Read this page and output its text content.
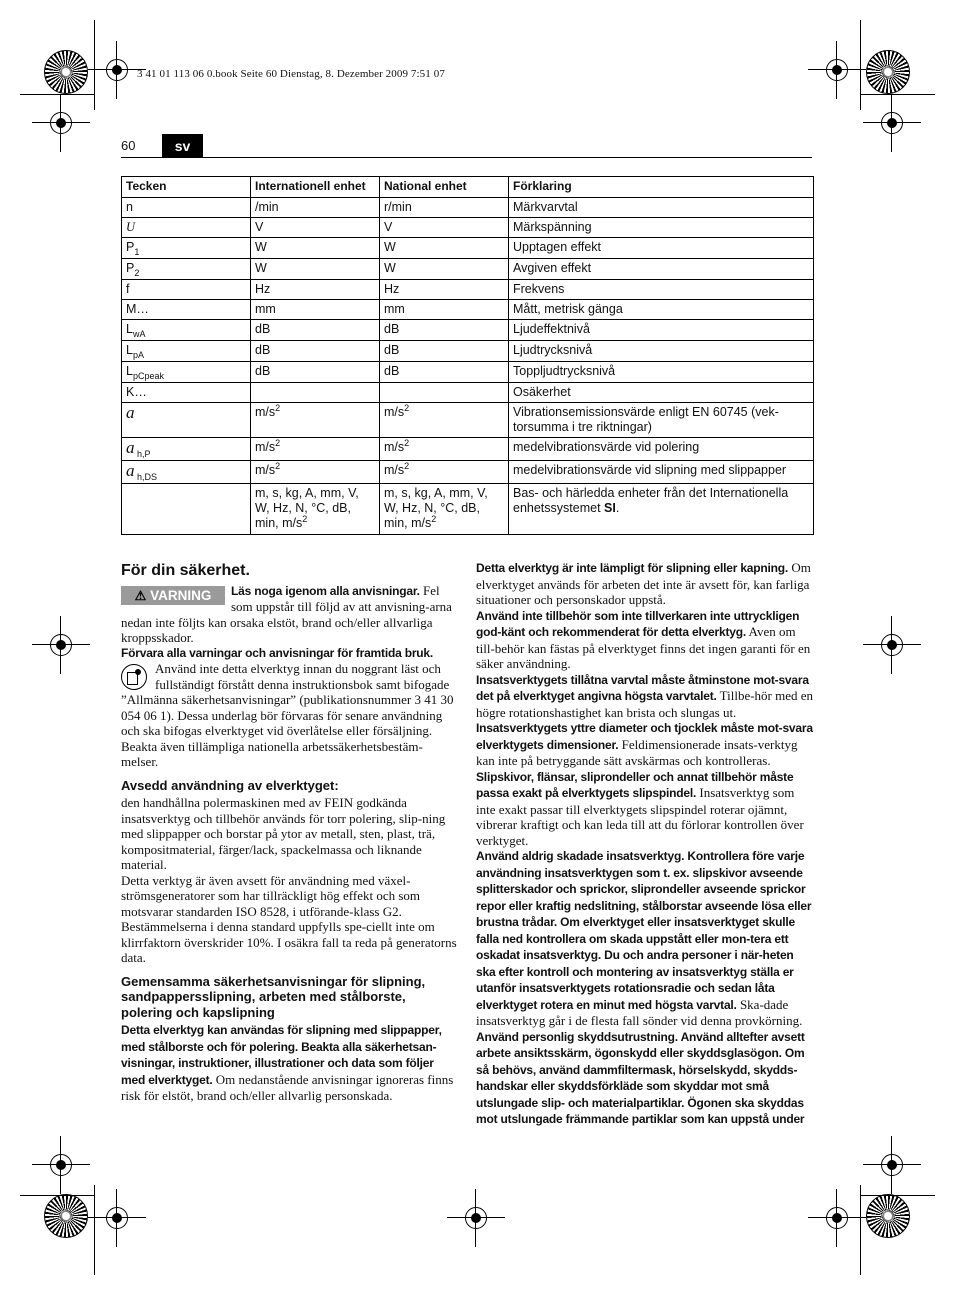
3 41 01 113 06 0.book Seite 60 Dienstag, 8. Dezember 2009 7:51 07
60	sv
Tecken	Internationell enhet	National enhet	Förklaring
n	/min	r/min	Märkvarvtal
U	V	V	Märkspänning
$P_1$	W	W	Upptagen effekt
$P_2$	W	W	Avgiven effekt
f	Hz	Hz	Frekvens
M…	mm	mm	Mått, metrisk gänga
$L_{wA}$	dB	dB	Ljudeffektnivå
$L_{pA}$	dB	dB	Ljudtrycksnivå
$L_{pCpeak}$	dB	dB	Toppljudtrycksnivå
K…			Osäkerhet
a	$m/s^2$	$m/s^2$	Vibrationsemissionsvärde enligt EN 60745 (vek-torsumma i tre riktningar)
a $_{h,P}$	$m/s^2$	$m/s^2$	medelvibrationsvärde vid polering
a $_{h,DS}$	$m/s^2$	$m/s^2$	medelvibrationsvärde vid slipning med slippapper
	m, s, kg, A, mm, V, W, Hz, N, °C, dB, min, $m/s^2$	m, s, kg, A, mm, V, W, Hz, N, °C, dB, min, $m/s^2$	Bas- och härledda enheter från det Internationella enhetssystemet SI.
För din säkerhet.
⚠ VARNING	Läs noga igenom alla anvisningar. Fel som uppstår till följd av att anvisning-arna nedan inte följts kan orsaka elstöt, brand och/eller allvarliga kroppsskador.

Förvara alla varningar och anvisningar för framtida bruk.

Använd inte detta elverktyg innan du noggrant läst och fullständigt förstått denna instruktionsbok samt bifogade ”Allmänna säkerhetsanvisningar” (publikationsnummer 3 41 30 054 06 1). Dessa underlag bör förvaras för senare användning och ska bifogas elverktyget vid överlåtelse eller försäljning.

Beakta även tillämpliga nationella arbetssäkerhetsbestäm-melser.

Avsedd användning av elverktyget:

den handhållna polermaskinen med av FEIN godkända insatsverktyg och tillbehör används för torr polering, slip-ning med slippapper och borstar på ytor av metall, sten, plast, trä, kompositmaterial, färger/lack, spackelmassa och liknande material.

Detta verktyg är även avsett för användning med växel-strömsgeneratorer som har tillräckligt hög effekt och som motsvarar standarden ISO 8528, i utförande-klass G2. Bestämmelserna i denna standard uppfylls spe-ciellt inte om klirrfaktorn överskrider 10%. I osäkra fall ta reda på generatorns data.

Gemensamma säkerhetsanvisningar för slipning, sandpappersslipning, arbeten med stålborste, polering och kapslipning

Detta elverktyg kan användas för slipning med slippapper, med stålborste och för polering. Beakta alla säkerhetsan-visningar, instruktioner, illustrationer och data som följer med elverktyget. Om nedanstående anvisningar ignoreras finns risk för elstöt, brand och/eller allvarlig personskada.

Detta elverktyg är inte lämpligt för slipning eller kapning. Om elverktyget används för arbeten det inte är avsett för, kan farliga situationer och personskador uppstå.

Använd inte tillbehör som inte tillverkaren inte uttryckligen god-känt och rekommenderat för detta elverktyg. Aven om till-behör kan fästas på elverktyget finns det ingen garanti för en säker användning.

Insatsverktygets tillåtna varvtal måste åtminstone mot-svara det på elverktyget angivna högsta varvtalet. Tillbe-hör med en högre rotationshastighet kan brista och slungas ut.

Insatsverktygets yttre diameter och tjocklek måste mot-svara elverktygets dimensioner. Feldimensionerade insats-verktyg kan inte på betryggande sätt avskärmas och kontrolleras.

Slipskivor, flänsar, sliprondeller och annat tillbehör måste passa exakt på elverktygets slipspindel. Insatsverktyg som inte exakt passar till elverktygets slipspindel roterar ojämnt, vibrerar kraftigt och kan leda till att du förlorar kontrollen över verktyget.

Använd aldrig skadade insatsverktyg. Kontrollera före varje användning insatsverktygen som t. ex. slipskivor avseende splitterskador och sprickor, sliprondeller avseende sprickor repor eller kraftig nedslitning, stålborstar avseende lösa eller brustna trådar. Om elverktyget eller insatsverktyget skulle falla ned kontrollera om skada uppstått eller mon-tera ett oskadat insatsverktyg. Du och andra personer i när-heten ska efter kontroll och montering av insatsverktyg ställa er utanför insatsverktygets rotationsradie och sedan låta elverktyget rotera en minut med högsta varvtal. Ska-dade insatsverktyg går i de flesta fall sönder vid denna provkörning.

Använd personlig skyddsutrustning. Använd alltefter avsett arbete ansiktsskärm, ögonskydd eller skyddsglasögon. Om så behövs, använd dammfiltermask, hörselskydd, skydds-handskar eller skyddsförkläde som skyddar mot små utslungade slip- och materialpartiklar. Ögonen ska skyddas mot utslungade främmande partiklar som kan uppstå under
